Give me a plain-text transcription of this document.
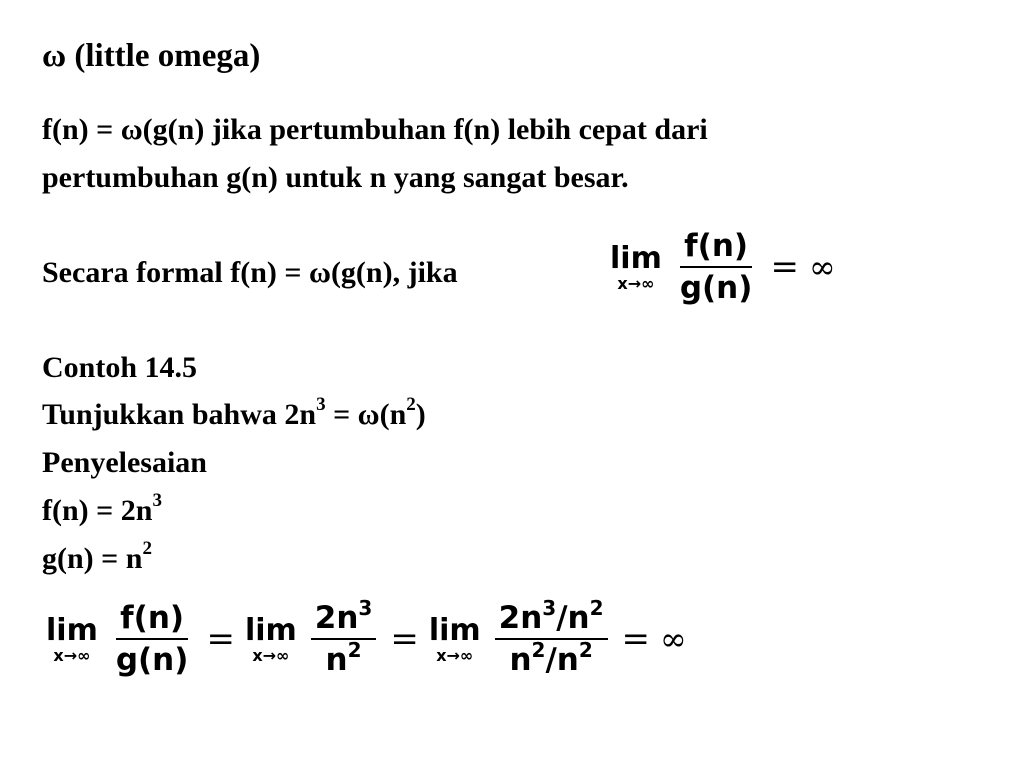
ω (little omega)
f(n) = ω(g(n) jika pertumbuhan f(n) lebih cepat dari
pertumbuhan g(n) untuk n yang sangat besar.
Secara formal f(n) = ω(g(n), jika	lim
$x\to\infty \frac{f(n)}{g(n)}$ = ∞
Contoh 14.5
Tunjukkan bahwa $2n^3 = \omega(n^2)$
Penyelesaian
$f(n) = 2n^3$
$g(n) = n^2$
lim
$x\to\infty \frac{f(n)}{g(n)} = \lim$
$x\to\infty \frac{2n^3}{n^2} = \lim$
$x\to\infty \frac{2n^3/n^2}{n^2/n^2}$ = ∞
